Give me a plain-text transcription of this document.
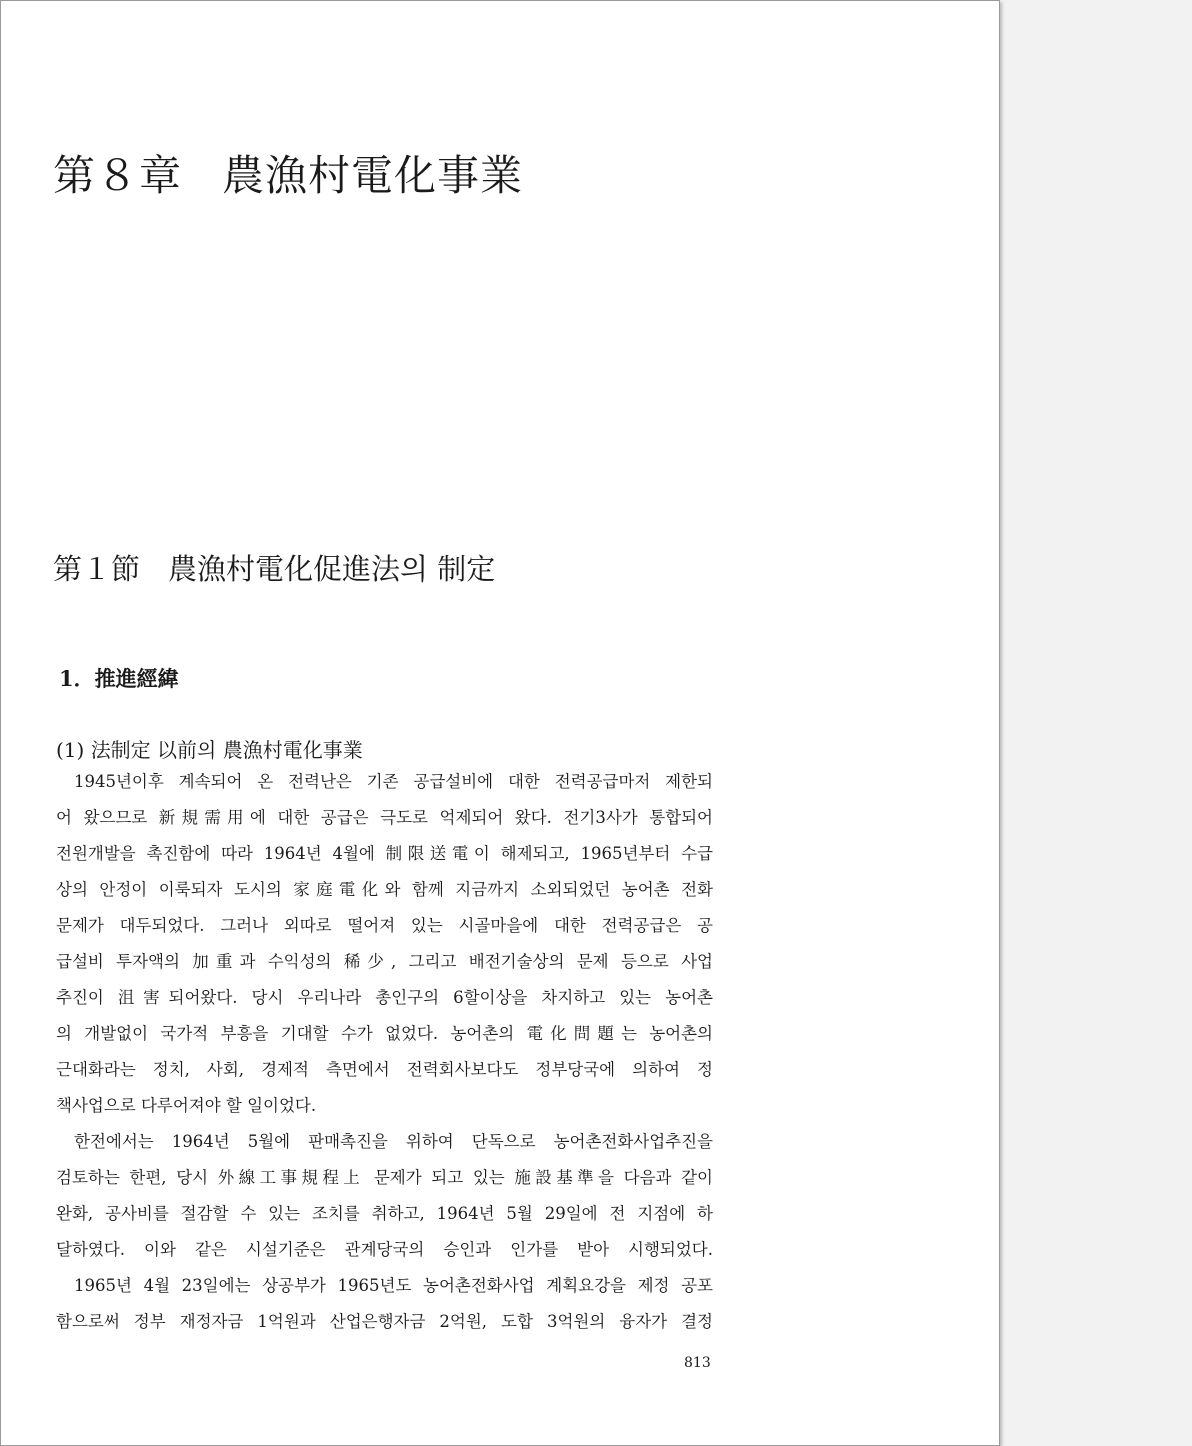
第８章 農漁村電化事業
第１節 農漁村電化促進法의 制定
1．推進經緯
(1) 法制定 以前의 農漁村電化事業
1945년이후 계속되어 온 전력난은 기존 공급설비에 대한 전력공급마저 제한되
어 왔으므로 新規需用에 대한 공급은 극도로 억제되어 왔다. 전기3사가 통합되어
전원개발을 촉진함에 따라 1964년 4월에 制限送電이 해제되고, 1965년부터 수급
상의 안정이 이룩되자 도시의 家庭電化와 함께 지금까지 소외되었던 농어촌 전화
문제가 대두되었다. 그러나 외따로 떨어져 있는 시골마을에 대한 전력공급은 공
급설비 투자액의 加重과 수익성의 稀少, 그리고 배전기술상의 문제 등으로 사업
추진이 沮害되어왔다. 당시 우리나라 총인구의 6할이상을 차지하고 있는 농어촌
의 개발없이 국가적 부흥을 기대할 수가 없었다. 농어촌의 電化問題는 농어촌의
근대화라는 정치, 사회, 경제적 측면에서 전력회사보다도 정부당국에 의하여 정
책사업으로 다루어져야 할 일이었다.
한전에서는 1964년 5월에 판매촉진을 위하여 단독으로 농어촌전화사업추진을
검토하는 한편, 당시 外線工事規程上 문제가 되고 있는 施設基準을 다음과 같이
완화, 공사비를 절감할 수 있는 조치를 취하고, 1964년 5월 29일에 전 지점에 하
달하였다. 이와 같은 시설기준은 관계당국의 승인과 인가를 받아 시행되었다.
1965년 4월 23일에는 상공부가 1965년도 농어촌전화사업 계획요강을 제정 공포
함으로써 정부 재정자금 1억원과 산업은행자금 2억원, 도합 3억원의 융자가 결정
813
